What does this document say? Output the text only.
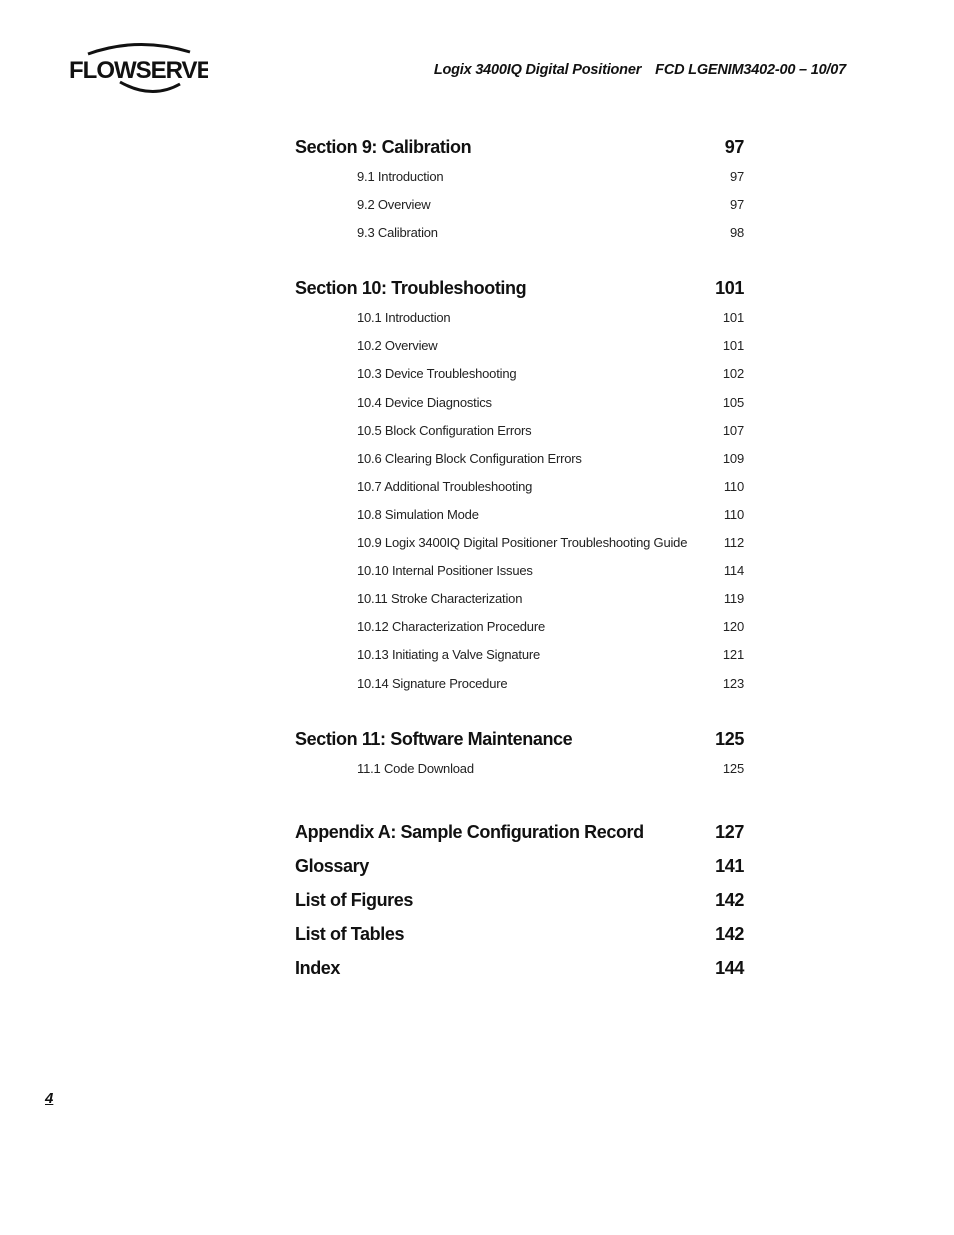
FLOWSERVE	Logix 3400IQ Digital Positioner FCD LGENIM3402-00 – 10/07
Section 9: Calibration	97
9.1 Introduction	97
9.2 Overview	97
9.3 Calibration	98
Section 10: Troubleshooting	101
10.1 Introduction	101
10.2 Overview	101
10.3 Device Troubleshooting	102
10.4 Device Diagnostics	105
10.5 Block Configuration Errors	107
10.6 Clearing Block Configuration Errors	109
10.7 Additional Troubleshooting	110
10.8 Simulation Mode	110
10.9 Logix 3400IQ Digital Positioner Troubleshooting Guide	112
10.10 Internal Positioner Issues	114
10.11 Stroke Characterization	119
10.12 Characterization Procedure	120
10.13 Initiating a Valve Signature	121
10.14 Signature Procedure	123
Section 11: Software Maintenance	125
11.1 Code Download	125
Appendix A: Sample Configuration Record	127
Glossary	141
List of Figures	142
List of Tables	142
Index	144
4
